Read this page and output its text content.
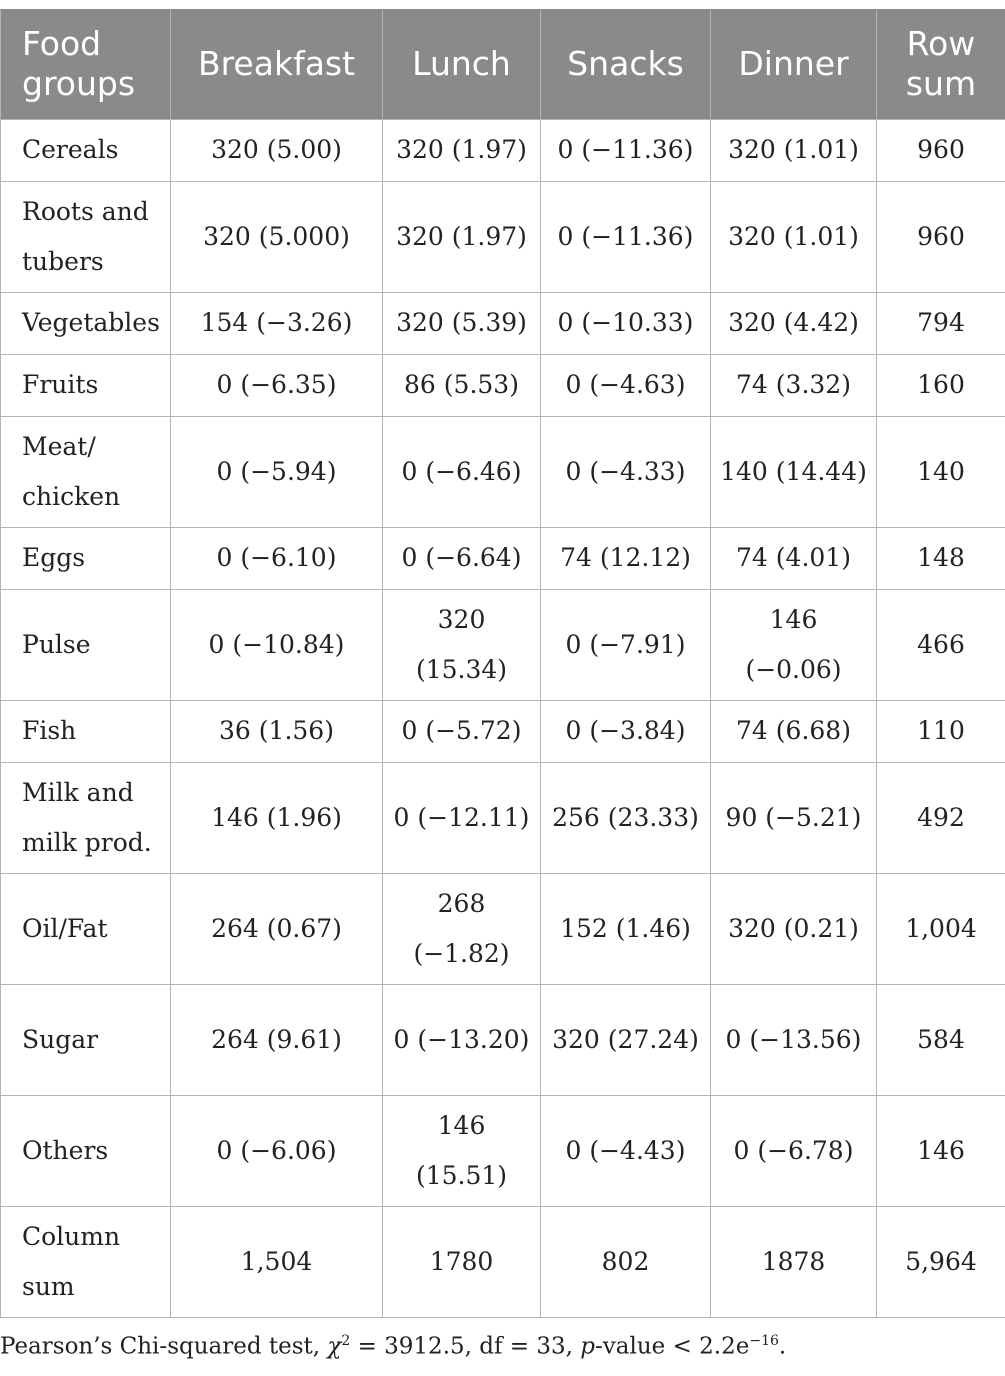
Food groups	Breakfast	Lunch	Snacks	Dinner	Row sum
Cereals	320 (5.00)	320 (1.97)	0 (−11.36)	320 (1.01)	960
Roots and tubers	320 (5.000)	320 (1.97)	0 (−11.36)	320 (1.01)	960
Vegetables	154 (−3.26)	320 (5.39)	0 (−10.33)	320 (4.42)	794
Fruits	0 (−6.35)	86 (5.53)	0 (−4.63)	74 (3.32)	160
Meat/ chicken	0 (−5.94)	0 (−6.46)	0 (−4.33)	140 (14.44)	140
Eggs	0 (−6.10)	0 (−6.64)	74 (12.12)	74 (4.01)	148
Pulse	0 (−10.84)	320 (15.34)	0 (−7.91)	146 (−0.06)	466
Fish	36 (1.56)	0 (−5.72)	0 (−3.84)	74 (6.68)	110
Milk and milk prod.	146 (1.96)	0 (−12.11)	256 (23.33)	90 (−5.21)	492
Oil/Fat	264 (0.67)	268 (−1.82)	152 (1.46)	320 (0.21)	1,004
Sugar	264 (9.61)	0 (−13.20)	320 (27.24)	0 (−13.56)	584
Others	0 (−6.06)	146 (15.51)	0 (−4.43)	0 (−6.78)	146
Column sum	1,504	1780	802	1878	5,964
Pearson’s Chi-squared test, $\chi^2 = 3912.5$, df = 33, p-value < $2.2e^{-16}$.
